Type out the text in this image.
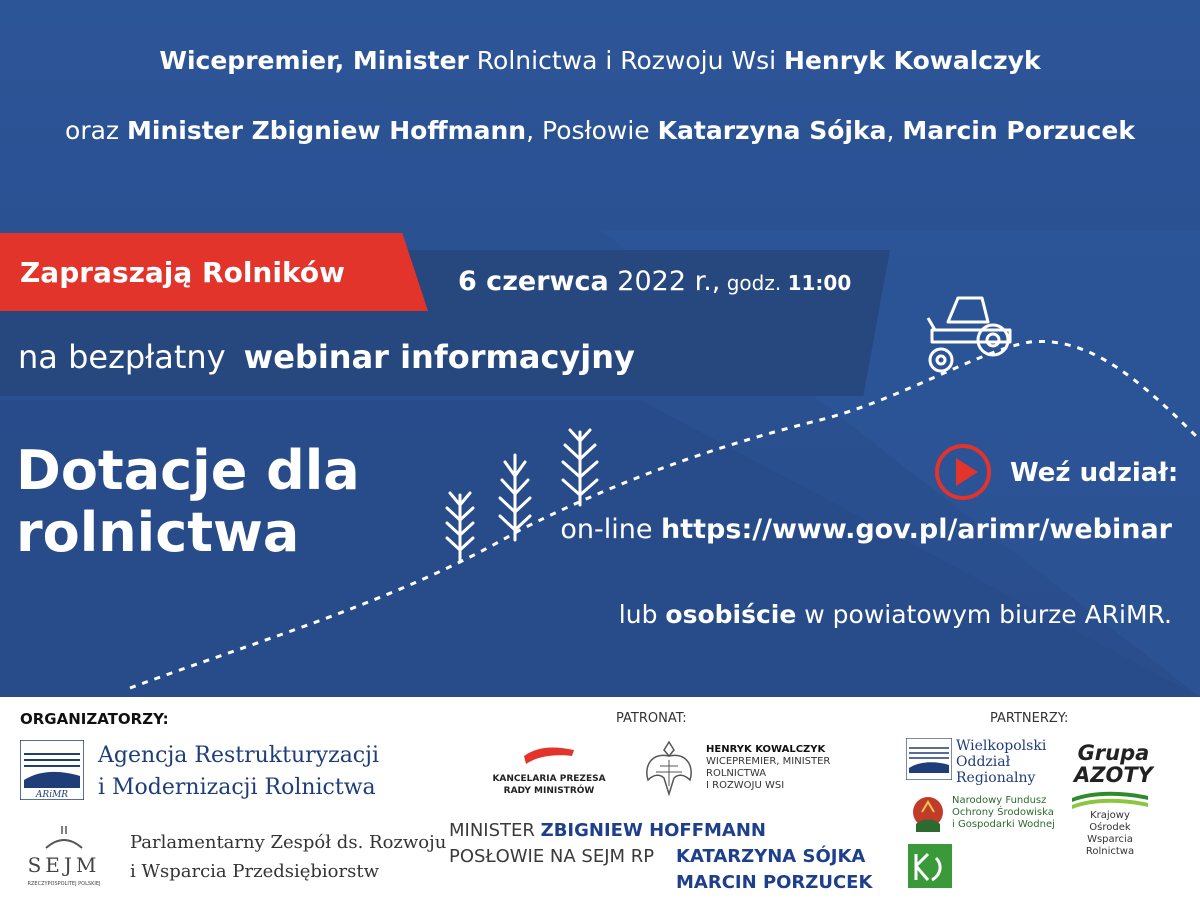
Wicepremier, Minister Rolnictwa i Rozwoju Wsi Henryk Kowalczyk
oraz Minister Zbigniew Hoffmann, Posłowie Katarzyna Sójka, Marcin Porzucek
Zapraszają Rolników	6 czerwca 2022 r., godz. 11:00
na bezpłatny webinar informacyjny
Dotacje dla
rolnictwa
Weź udział:
on-line https://www.gov.pl/arimr/webinar
lub osobiście w powiatowym biurze ARiMR.
ORGANIZATORZY:	PATRONAT:	PARTNERZY:
ARiMR
Agencja Restrukturyzacji
i Modernizacji Rolnictwa
SEJM
RZECZYPOSPOLITEJ POLSKIEJ
Parlamentarny Zespół ds. Rozwoju
i Wsparcia Przedsiębiorstw
KANCELARIA PREZESA
RADY MINISTRÓW
HENRYK KOWALCZYK
WICEPREMIER, MINISTER
ROLNICTWA
I ROZWOJU WSI
MINISTER ZBIGNIEW HOFFMANN
POSŁOWIE NA SEJM RP	KATARZYNA SÓJKA
MARCIN PORZUCEK
Wielkopolski
Oddział
Regionalny
Grupa
AZOTY
Narodowy Fundusz
Ochrony Środowiska
i Gospodarki Wodnej
Krajowy Ośrodek
Wsparcia Rolnictwa
